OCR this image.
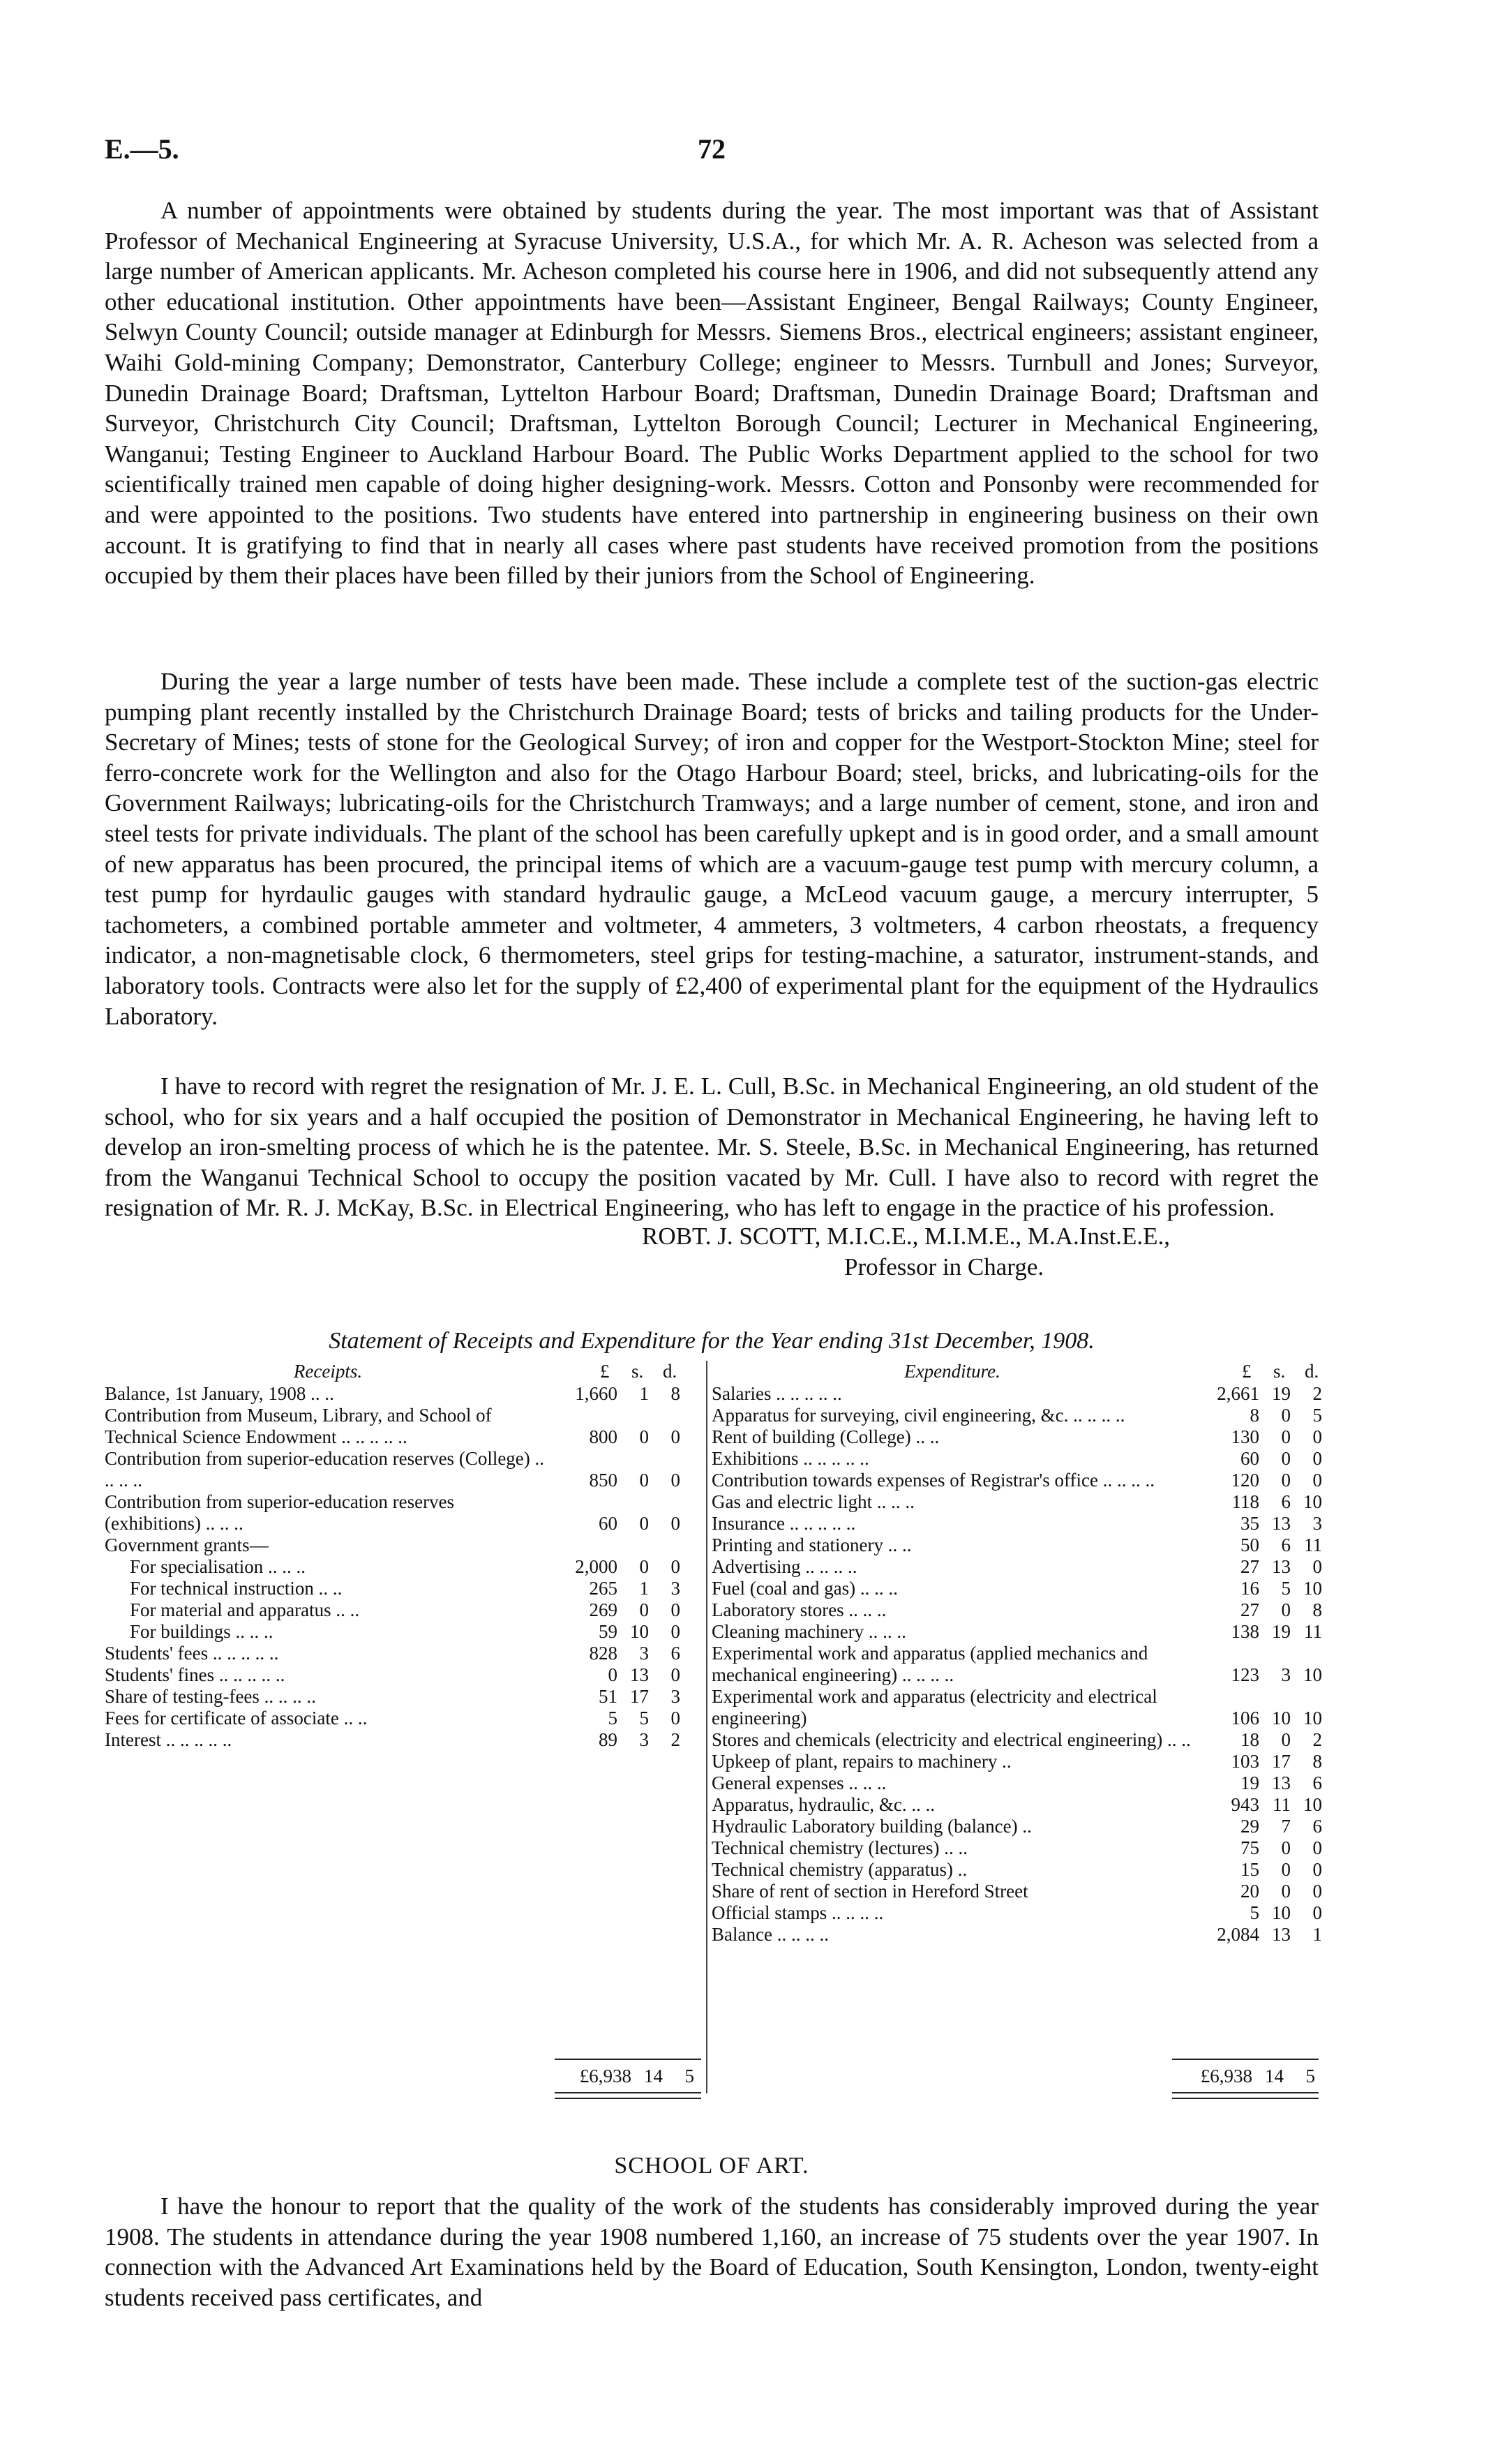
E.—5.	72

A number of appointments were obtained by students during the year. The most important was that of Assistant Professor of Mechanical Engineering at Syracuse University, U.S.A., for which Mr. A. R. Acheson was selected from a large number of American applicants. Mr. Acheson completed his course here in 1906, and did not subsequently attend any other educational institution. Other appointments have been—Assistant Engineer, Bengal Railways; County Engineer, Selwyn County Council; outside manager at Edinburgh for Messrs. Siemens Bros., electrical engineers; assistant engineer, Waihi Gold-mining Company; Demonstrator, Canterbury College; engineer to Messrs. Turnbull and Jones; Surveyor, Dunedin Drainage Board; Draftsman, Lyttelton Harbour Board; Draftsman, Dunedin Drainage Board; Draftsman and Surveyor, Christchurch City Council; Draftsman, Lyttelton Borough Council; Lecturer in Mechanical Engineering, Wanganui; Testing Engineer to Auckland Harbour Board. The Public Works Department applied to the school for two scientifically trained men capable of doing higher designing-work. Messrs. Cotton and Ponsonby were recommended for and were appointed to the positions. Two students have entered into partnership in engineering business on their own account. It is gratifying to find that in nearly all cases where past students have received promotion from the positions occupied by them their places have been filled by their juniors from the School of Engineering.

During the year a large number of tests have been made. These include a complete test of the suction-gas electric pumping plant recently installed by the Christchurch Drainage Board; tests of bricks and tailing products for the Under-Secretary of Mines; tests of stone for the Geological Survey; of iron and copper for the Westport-Stockton Mine; steel for ferro-concrete work for the Wellington and also for the Otago Harbour Board; steel, bricks, and lubricating-oils for the Government Railways; lubricating-oils for the Christchurch Tramways; and a large number of cement, stone, and iron and steel tests for private individuals. The plant of the school has been carefully upkept and is in good order, and a small amount of new apparatus has been procured, the principal items of which are a vacuum-gauge test pump with mercury column, a test pump for hyrdaulic gauges with standard hydraulic gauge, a McLeod vacuum gauge, a mercury interrupter, 5 tachometers, a combined portable ammeter and voltmeter, 4 ammeters, 3 voltmeters, 4 carbon rheostats, a frequency indicator, a non-magnetisable clock, 6 thermometers, steel grips for testing-machine, a saturator, instrument-stands, and laboratory tools. Contracts were also let for the supply of £2,400 of experimental plant for the equipment of the Hydraulics Laboratory.

I have to record with regret the resignation of Mr. J. E. L. Cull, B.Sc. in Mechanical Engineering, an old student of the school, who for six years and a half occupied the position of Demonstrator in Mechanical Engineering, he having left to develop an iron-smelting process of which he is the patentee. Mr. S. Steele, B.Sc. in Mechanical Engineering, has returned from the Wanganui Technical School to occupy the position vacated by Mr. Cull. I have also to record with regret the resignation of Mr. R. J. McKay, B.Sc. in Electrical Engineering, who has left to engage in the practice of his profession.

ROBT. J. SCOTT, M.I.C.E., M.I.M.E., M.A.Inst.E.E.,
Professor in Charge.
Statement of Receipts and Expenditure for the Year ending 31st December, 1908.
Receipts.	£ s. d.
Balance, 1st January, 1908 .. ..	1,660 1 8
Contribution from Museum, Library, and School of Technical Science Endowment .. .. .. .. ..	800 0 0
Contribution from superior-education reserves (College) .. .. .. ..	850 0 0
Contribution from superior-education reserves (exhibitions) .. .. ..	60 0 0
Government grants—
For specialisation .. .. ..	2,000 0 0
For technical instruction .. ..	265 1 3
For material and apparatus .. ..	269 0 0
For buildings .. .. ..	59 10 0
Students' fees .. .. .. .. ..	828 3 6
Students' fines .. .. .. .. ..	0 13 0
Share of testing-fees .. .. .. ..	51 17 3
Fees for certificate of associate .. ..	5 5 0
Interest .. .. .. .. ..	89 3 2
Expenditure.	£ s. d.
Salaries .. .. .. .. ..	2,661 19 2
Apparatus for surveying, civil engineering, &c. .. .. .. ..	8 0 5
Rent of building (College) .. ..	130 0 0
Exhibitions .. .. .. .. ..	60 0 0
Contribution towards expenses of Registrar's office .. .. .. ..	120 0 0
Gas and electric light .. .. ..	118 6 10
Insurance .. .. .. .. ..	35 13 3
Printing and stationery .. ..	50 6 11
Advertising .. .. .. ..	27 13 0
Fuel (coal and gas) .. .. ..	16 5 10
Laboratory stores .. .. ..	27 0 8
Cleaning machinery .. .. ..	138 19 11
Experimental work and apparatus (applied mechanics and mechanical engineering) .. .. .. ..	123 3 10
Experimental work and apparatus (electricity and electrical engineering)	106 10 10
Stores and chemicals (electricity and electrical engineering) .. ..	18 0 2
Upkeep of plant, repairs to machinery ..	103 17 8
General expenses .. .. ..	19 13 6
Apparatus, hydraulic, &c. .. ..	943 11 10
Hydraulic Laboratory building (balance) ..	29 7 6
Technical chemistry (lectures) .. ..	75 0 0
Technical chemistry (apparatus) ..	15 0 0
Share of rent of section in Hereford Street	20 0 0
Official stamps .. .. .. ..	5 10 0
Balance .. .. .. ..	2,084 13 1
£6,938 14 5	£6,938 14 5
SCHOOL OF ART.

I have the honour to report that the quality of the work of the students has considerably improved during the year 1908. The students in attendance during the year 1908 numbered 1,160, an increase of 75 students over the year 1907. In connection with the Advanced Art Examinations held by the Board of Education, South Kensington, London, twenty-eight students received pass certificates, and
